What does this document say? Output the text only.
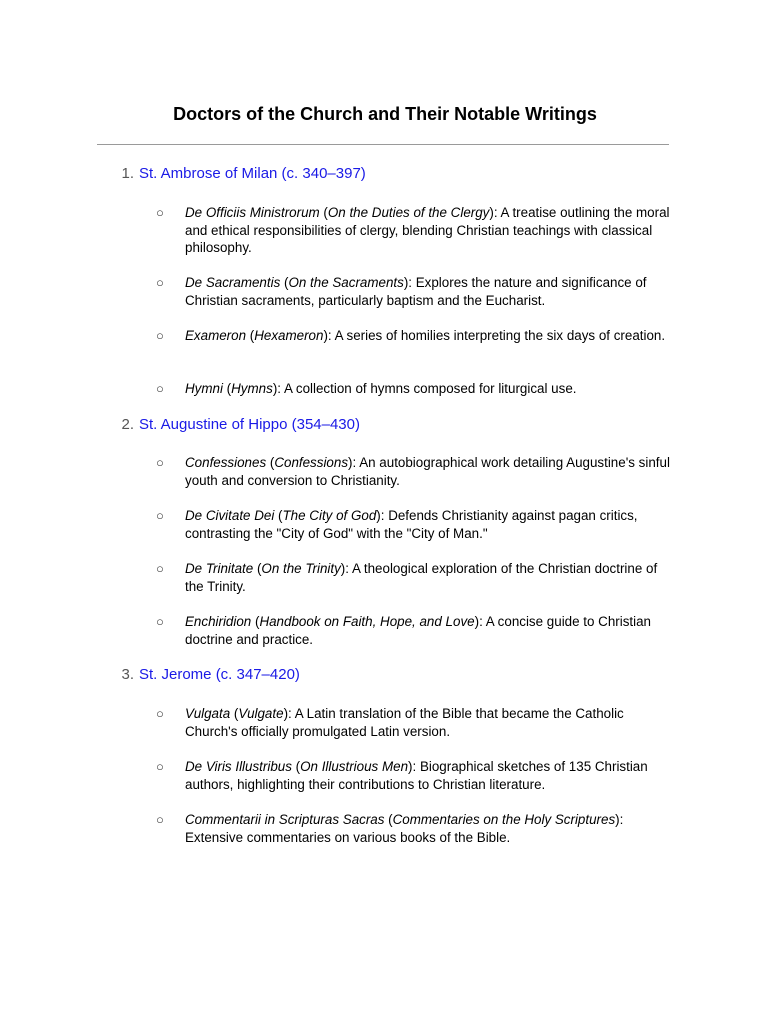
Doctors of the Church and Their Notable Writings
1. St. Ambrose of Milan (c. 340–397)
○ De Officiis Ministrorum (On the Duties of the Clergy): A treatise outlining the moral and ethical responsibilities of clergy, blending Christian teachings with classical philosophy.
○ De Sacramentis (On the Sacraments): Explores the nature and significance of Christian sacraments, particularly baptism and the Eucharist.
○ Exameron (Hexameron): A series of homilies interpreting the six days of creation.
○ Hymni (Hymns): A collection of hymns composed for liturgical use.
2. St. Augustine of Hippo (354–430)
○ Confessiones (Confessions): An autobiographical work detailing Augustine's sinful youth and conversion to Christianity.
○ De Civitate Dei (The City of God): Defends Christianity against pagan critics, contrasting the "City of God" with the "City of Man."
○ De Trinitate (On the Trinity): A theological exploration of the Christian doctrine of the Trinity.
○ Enchiridion (Handbook on Faith, Hope, and Love): A concise guide to Christian doctrine and practice.
3. St. Jerome (c. 347–420)
○ Vulgata (Vulgate): A Latin translation of the Bible that became the Catholic Church's officially promulgated Latin version.
○ De Viris Illustribus (On Illustrious Men): Biographical sketches of 135 Christian authors, highlighting their contributions to Christian literature.
○ Commentarii in Scripturas Sacras (Commentaries on the Holy Scriptures): Extensive commentaries on various books of the Bible.
